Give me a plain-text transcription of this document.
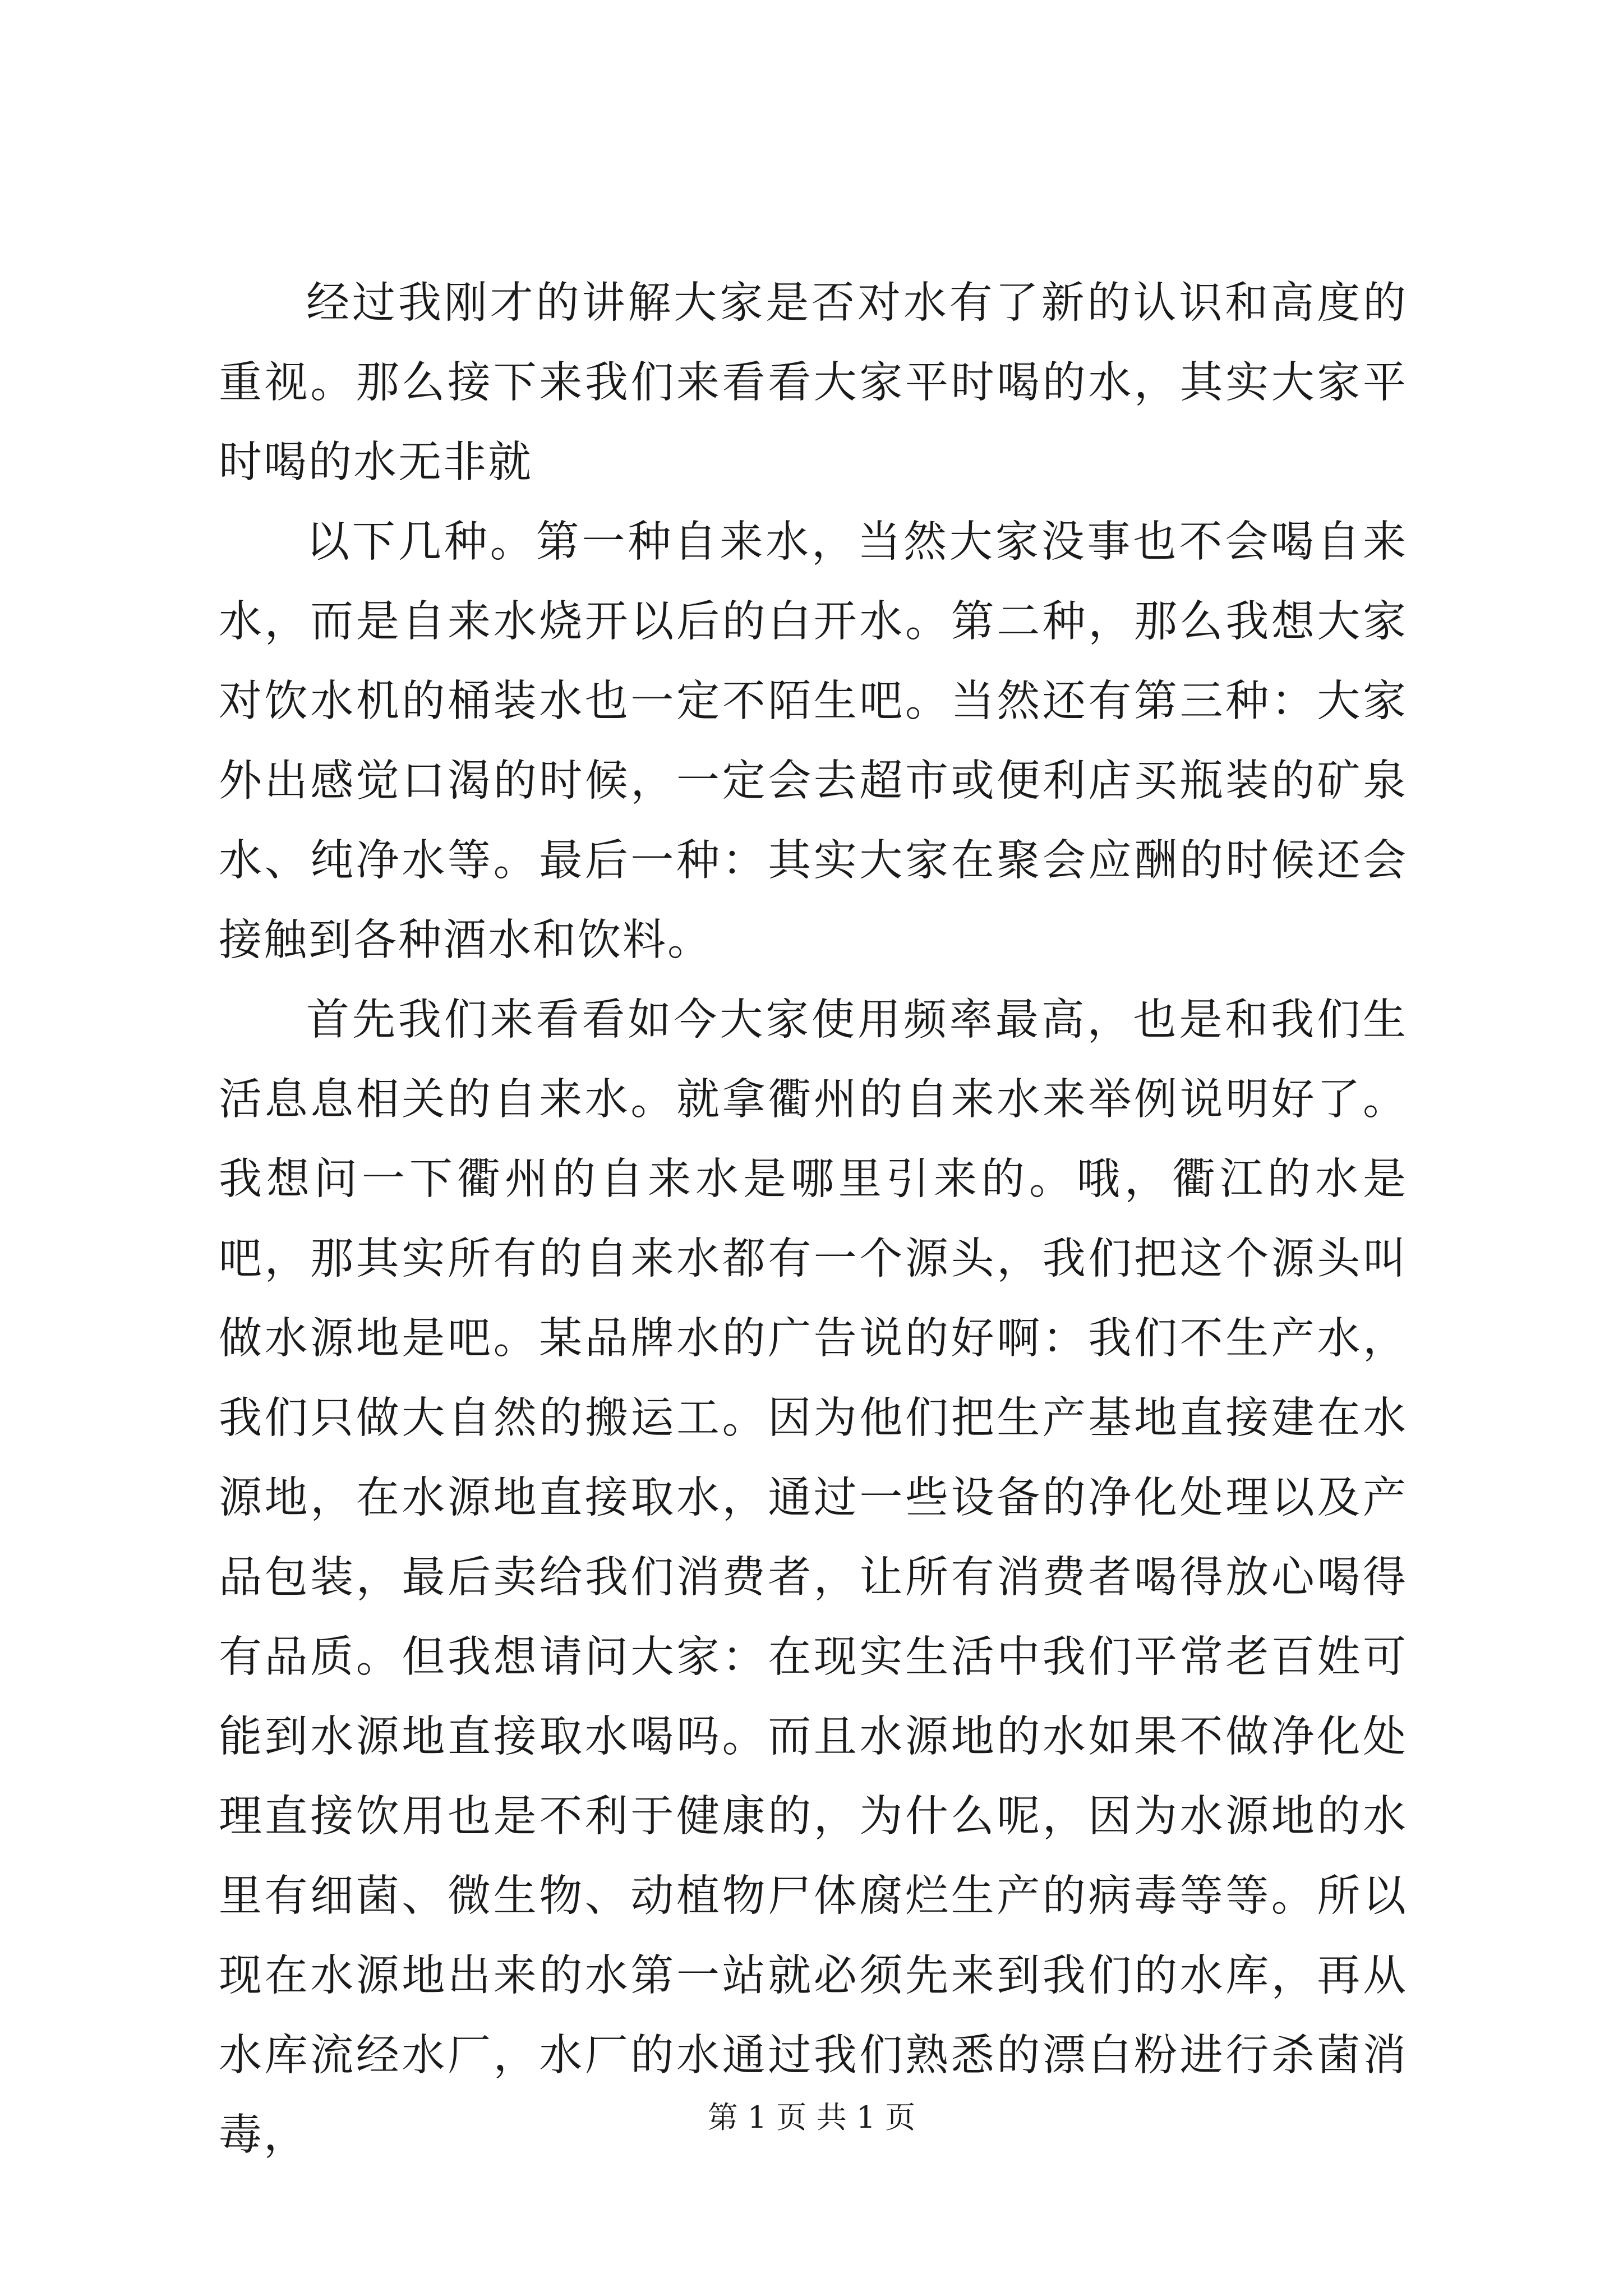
经过我刚才的讲解大家是否对水有了新的认识和高度的重视。那么接下来我们来看看大家平时喝的水，其实大家平时喝的水无非就

以下几种。第一种自来水，当然大家没事也不会喝自来水，而是自来水烧开以后的白开水。第二种，那么我想大家对饮水机的桶装水也一定不陌生吧。当然还有第三种：大家外出感觉口渴的时候，一定会去超市或便利店买瓶装的矿泉水、纯净水等。最后一种：其实大家在聚会应酬的时候还会接触到各种酒水和饮料。

首先我们来看看如今大家使用频率最高，也是和我们生活息息相关的自来水。就拿衢州的自来水来举例说明好了。我想问一下衢州的自来水是哪里引来的。哦，衢江的水是吧，那其实所有的自来水都有一个源头，我们把这个源头叫做水源地是吧。某品牌水的广告说的好啊：我们不生产水，我们只做大自然的搬运工。因为他们把生产基地直接建在水源地，在水源地直接取水，通过一些设备的净化处理以及产品包装，最后卖给我们消费者，让所有消费者喝得放心喝得有品质。但我想请问大家：在现实生活中我们平常老百姓可能到水源地直接取水喝吗。而且水源地的水如果不做净化处理直接饮用也是不利于健康的，为什么呢，因为水源地的水里有细菌、微生物、动植物尸体腐烂生产的病毒等等。所以现在水源地出来的水第一站就必须先来到我们的水库，再从水库流经水厂，水厂的水通过我们熟悉的漂白粉进行杀菌消毒，	第 1 页 共 1 页
